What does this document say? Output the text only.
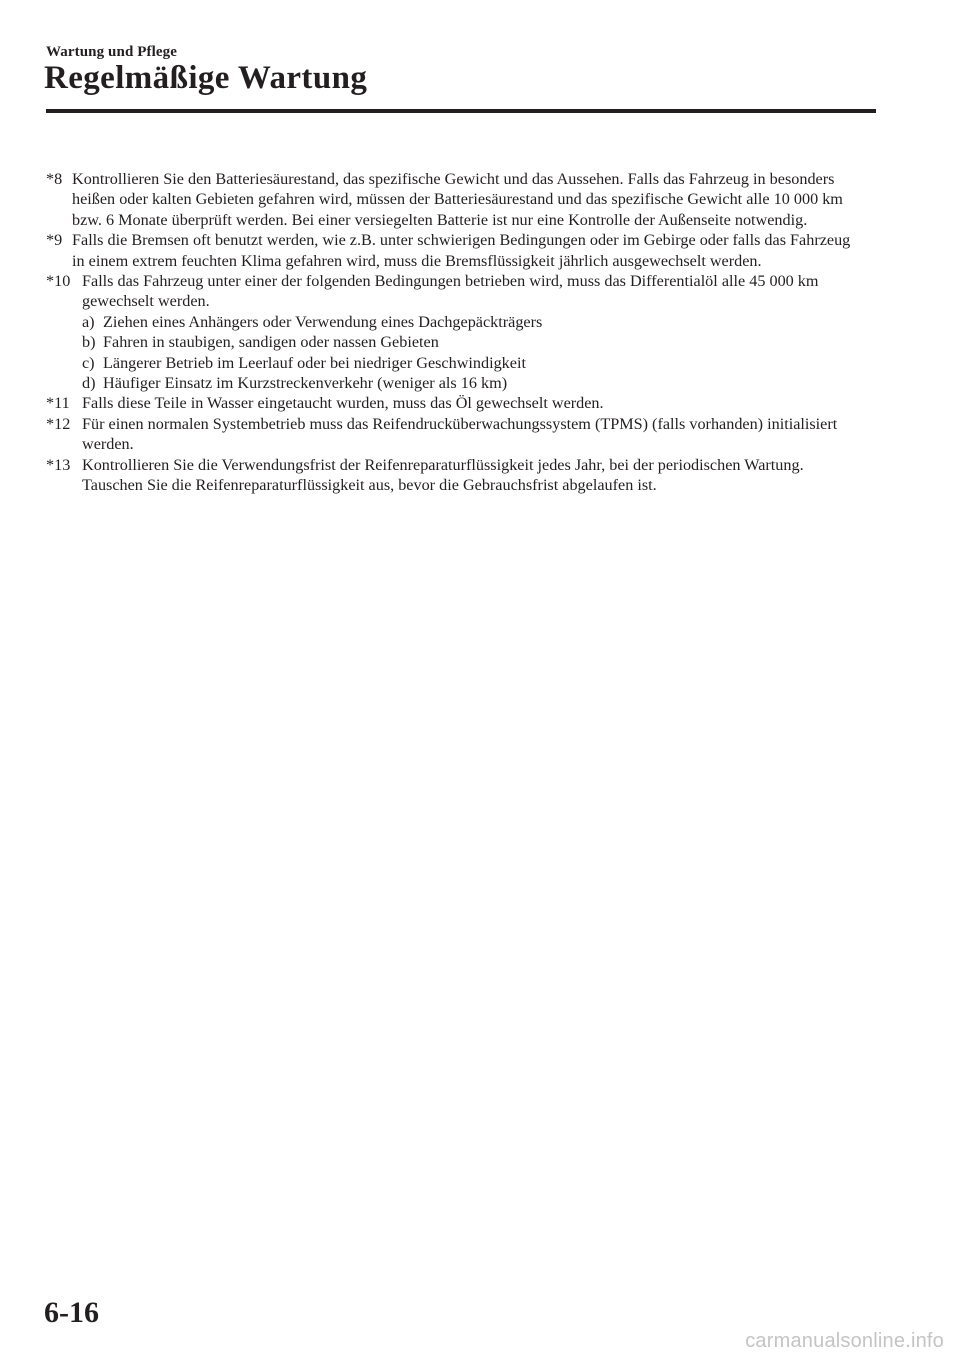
Wartung und Pflege
Regelmäßige Wartung
*8 Kontrollieren Sie den Batteriesäurestand, das spezifische Gewicht und das Aussehen. Falls das Fahrzeug in besonders heißen oder kalten Gebieten gefahren wird, müssen der Batteriesäurestand und das spezifische Gewicht alle 10 000 km bzw. 6 Monate überprüft werden. Bei einer versiegelten Batterie ist nur eine Kontrolle der Außenseite notwendig.
*9 Falls die Bremsen oft benutzt werden, wie z.B. unter schwierigen Bedingungen oder im Gebirge oder falls das Fahrzeug in einem extrem feuchten Klima gefahren wird, muss die Bremsflüssigkeit jährlich ausgewechselt werden.
*10 Falls das Fahrzeug unter einer der folgenden Bedingungen betrieben wird, muss das Differentialöl alle 45 000 km gewechselt werden.
a) Ziehen eines Anhängers oder Verwendung eines Dachgepäckträgers
b) Fahren in staubigen, sandigen oder nassen Gebieten
c) Längerer Betrieb im Leerlauf oder bei niedriger Geschwindigkeit
d) Häufiger Einsatz im Kurzstreckenverkehr (weniger als 16 km)
*11 Falls diese Teile in Wasser eingetaucht wurden, muss das Öl gewechselt werden.
*12 Für einen normalen Systembetrieb muss das Reifendrucküberwachungssystem (TPMS) (falls vorhanden) initialisiert werden.
*13 Kontrollieren Sie die Verwendungsfrist der Reifenreparaturflüssigkeit jedes Jahr, bei der periodischen Wartung. Tauschen Sie die Reifenreparaturflüssigkeit aus, bevor die Gebrauchsfrist abgelaufen ist.
6-16
carmanualsonline.info
